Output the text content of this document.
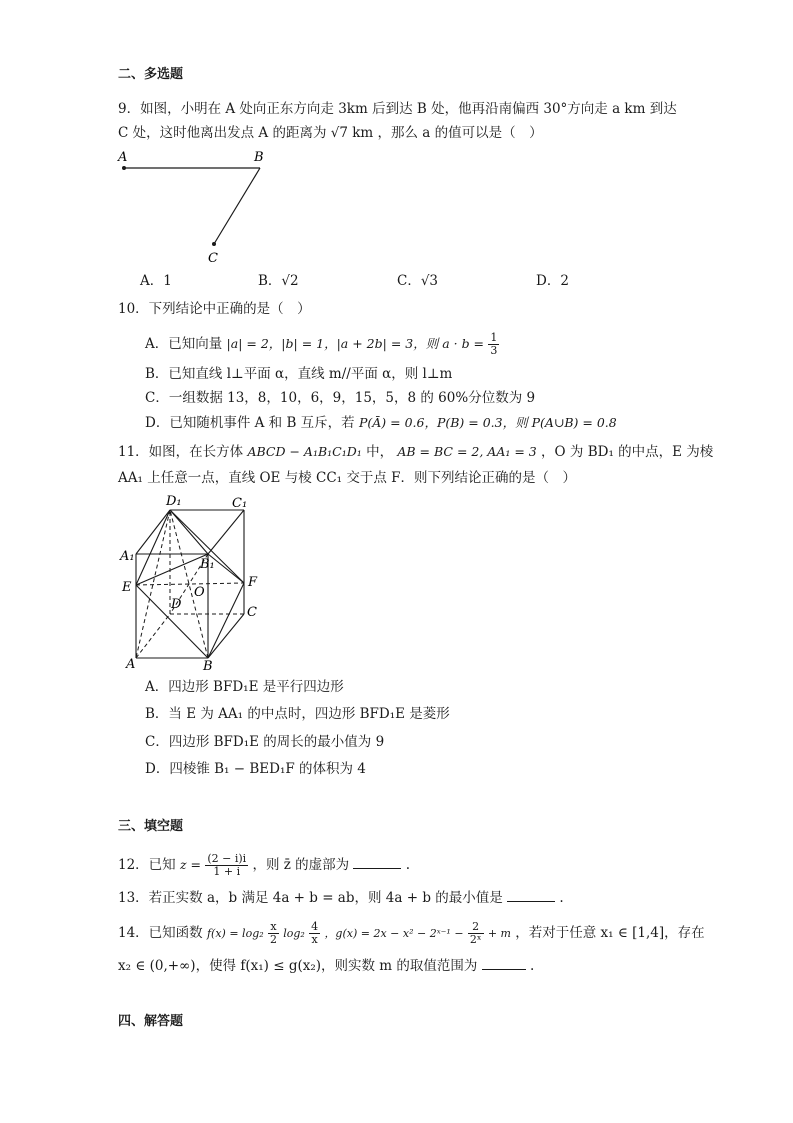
二、多选题
9．如图，小明在 A 处向正东方向走 3km 后到达 B 处，他再沿南偏西 30°方向走 a km 到达
C 处，这时他离出发点 A 的距离为 √7 km ，那么 a 的值可以是（　）
A	B
C
A．1	B．√2	C．√3	D．2
10．下列结论中正确的是（　）
A．已知向量 |a| = 2，|b| = 1，|a + 2b| = 3，则 $a \cdot b = \frac{1}{3}$
B．已知直线 l⊥平面 α，直线 m//平面 α，则 l⊥m
C．一组数据 13，8，10，6，9，15，5，8 的 60%分位数为 9
D．已知随机事件 A 和 B 互斥，若 P(Ā) = 0.6，P(B) = 0.3，则 P(A∪B) = 0.8
11．如图，在长方体 ABCD − A₁B₁C₁D₁ 中， AB = BC = 2, AA₁ = 3 ，O 为 BD₁ 的中点，E 为棱
AA₁ 上任意一点，直线 OE 与棱 CC₁ 交于点 F．则下列结论正确的是（　）
D₁	C₁
A₁
B₁
E	F
O
D
C
A	B
A．四边形 BFD₁E 是平行四边形
B．当 E 为 AA₁ 的中点时，四边形 BFD₁E 是菱形
C．四边形 BFD₁E 的周长的最小值为 9
D．四棱锥 B₁ − BED₁F 的体积为 4
三、填空题
12．已知 $z = \frac{(2 - i)i}{1 + i}$ ，则 z̄ 的虚部为	.
13．若正实数 a，b 满足 4a + b = ab，则 4a + b 的最小值是	.
14．已知函数 $f(x) = \log_2 \frac{x}{2} \log_2 \frac{4}{x}$ ，g(x) = 2x − x² − 2ˣ⁻¹ − $\frac{2}{\text{2ˣ}} + m$ ，若对于任意 x₁ ∈ [1,4]，存在
x₂ ∈ (0,+∞)，使得 f(x₁) ≤ g(x₂)，则实数 m 的取值范围为	.
四、解答题
